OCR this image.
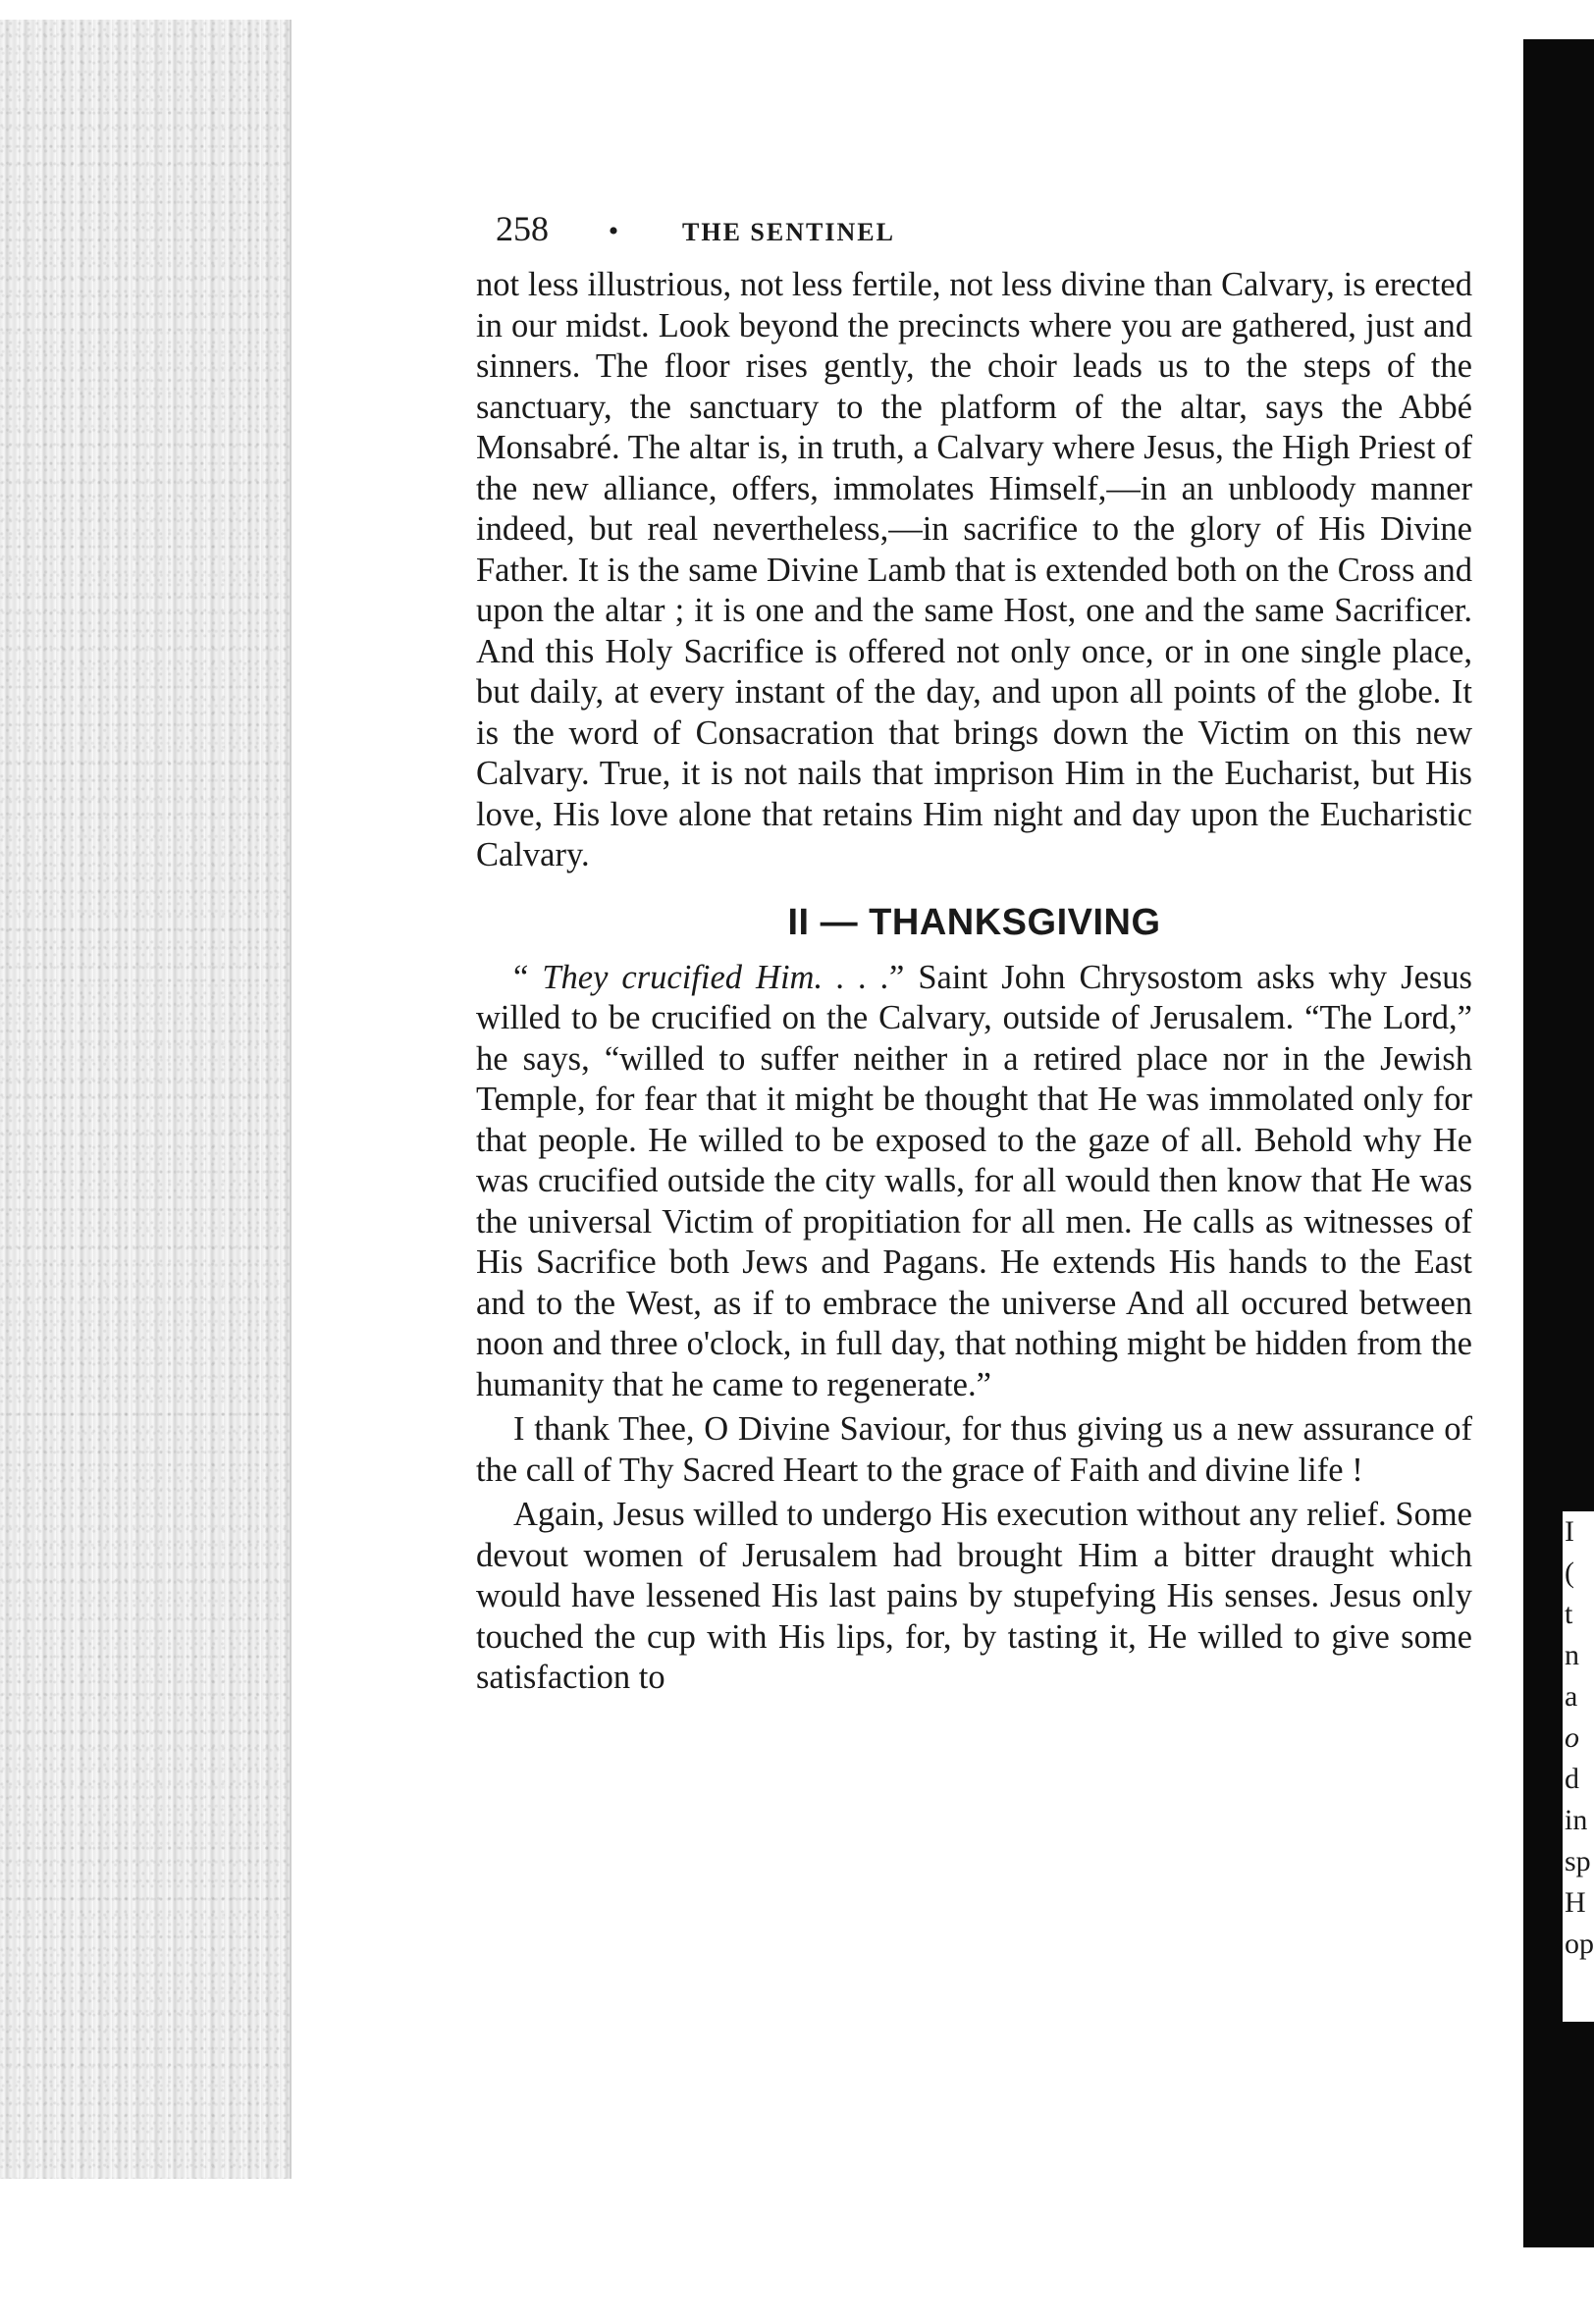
I
(
t
n
a
o
d
in
sp
H
op
258	•	THE SENTINEL

not less illustrious, not less fertile, not less divine than Calvary, is erected in our midst. Look beyond the precincts where you are gathered, just and sinners. The floor rises gently, the choir leads us to the steps of the sanctuary, the sanctuary to the platform of the altar, says the Abbé Monsabré. The altar is, in truth, a Calvary where Jesus, the High Priest of the new alliance, offers, immolates Himself,—in an unbloody manner indeed, but real nevertheless,—in sacrifice to the glory of His Divine Father. It is the same Divine Lamb that is extended both on the Cross and upon the altar ; it is one and the same Host, one and the same Sacrificer. And this Holy Sacrifice is offered not only once, or in one single place, but daily, at every instant of the day, and upon all points of the globe. It is the word of Consacration that brings down the Victim on this new Calvary. True, it is not nails that imprison Him in the Eucharist, but His love, His love alone that retains Him night and day upon the Eucharistic Calvary.

II — THANKSGIVING

“ They crucified Him. . . .” Saint John Chrysostom asks why Jesus willed to be crucified on the Calvary, outside of Jerusalem. “The Lord,” he says, “willed to suffer neither in a retired place nor in the Jewish Temple, for fear that it might be thought that He was immolated only for that people. He willed to be exposed to the gaze of all. Behold why He was crucified outside the city walls, for all would then know that He was the universal Victim of propitiation for all men. He calls as witnesses of His Sacrifice both Jews and Pagans. He extends His hands to the East and to the West, as if to embrace the universe And all occured between noon and three o'clock, in full day, that nothing might be hidden from the humanity that he came to regenerate.”

I thank Thee, O Divine Saviour, for thus giving us a new assurance of the call of Thy Sacred Heart to the grace of Faith and divine life !

Again, Jesus willed to undergo His execution without any relief. Some devout women of Jerusalem had brought Him a bitter draught which would have lessened His last pains by stupefying His senses. Jesus only touched the cup with His lips, for, by tasting it, He willed to give some satisfaction to
